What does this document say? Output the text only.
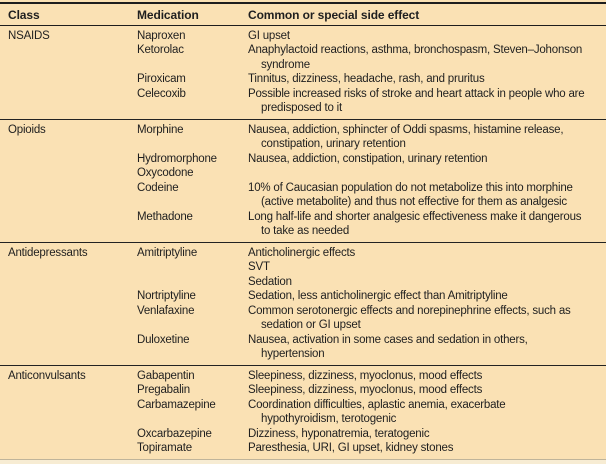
Class	Medication	Common or special side effect
NSAIDS	Naproxen	GI upset

	Ketorolac	Anaphylactoid reactions, asthma, bronchospasm, Steven–Johonson
syndrome

	Piroxicam	Tinnitus, dizziness, headache, rash, and pruritus

	Celecoxib	Possible increased risks of stroke and heart attack in people who are
predisposed to it

Opioids	Morphine	Nausea, addiction, sphincter of Oddi spasms, histamine release,
constipation, urinary retention

	Hydromorphone	Nausea, addiction, constipation, urinary retention

	Oxycodone	
	Codeine	10% of Caucasian population do not metabolize this into morphine
(active metabolite) and thus not effective for them as analgesic

	Methadone	Long half-life and shorter analgesic effectiveness make it dangerous
to take as needed

Antidepressants	Amitriptyline	Anticholinergic effects
SVT
Sedation

	Nortriptyline	Sedation, less anticholinergic effect than Amitriptyline

	Venlafaxine	Common serotonergic effects and norepinephrine effects, such as
sedation or GI upset

	Duloxetine	Nausea, activation in some cases and sedation in others,
hypertension

Anticonvulsants	Gabapentin	Sleepiness, dizziness, myoclonus, mood effects

	Pregabalin	Sleepiness, dizziness, myoclonus, mood effects

	Carbamazepine	Coordination difficulties, aplastic anemia, exacerbate
hypothyroidism, terotogenic

	Oxcarbazepine	Dizziness, hyponatremia, teratogenic

	Topiramate	Paresthesia, URI, GI upset, kidney stones
